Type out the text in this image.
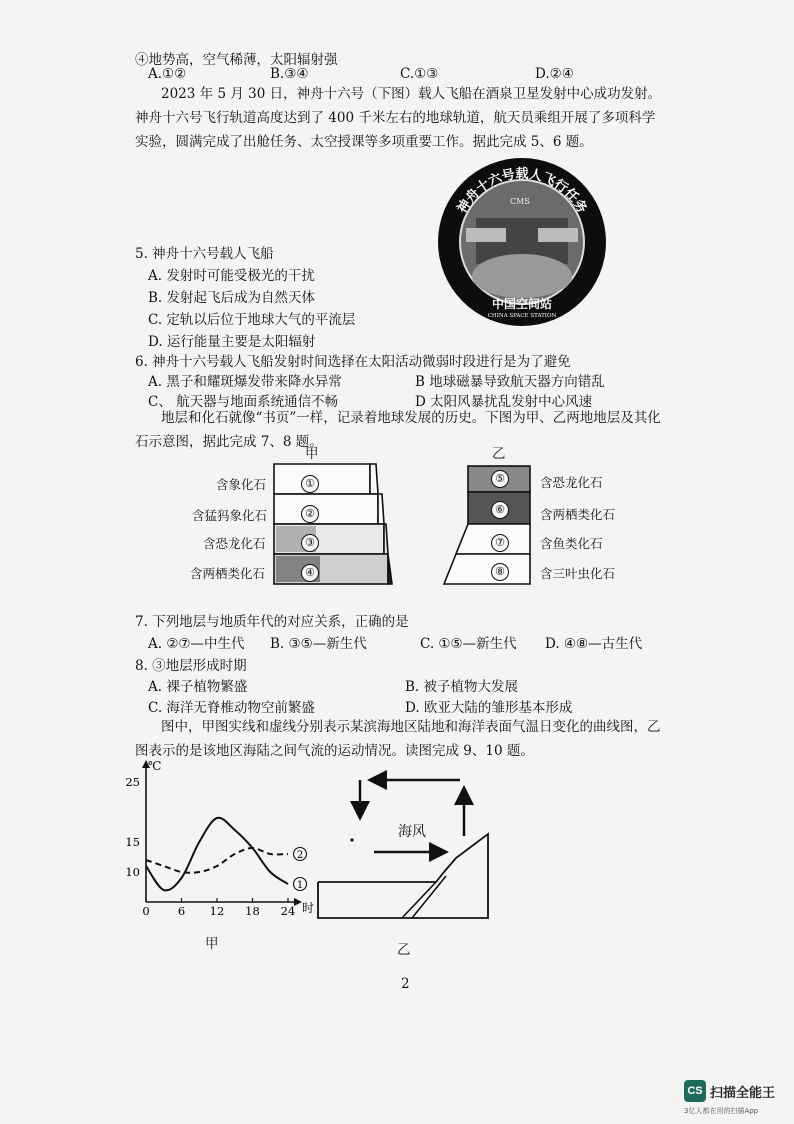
④地势高，空气稀薄，太阳辐射强
A.①②	B.③④	C.①③	D.②④
2023 年 5 月 30 日，神舟十六号（下图）载人飞船在酒泉卫星发射中心成功发射。神舟十六号飞行轨道高度达到了 400 千米左右的地球轨道，航天员乘组开展了多项科学实验，圆满完成了出舱任务、太空授课等多项重要工作。据此完成 5、6 题。
CMS
神舟十六号载人飞行任务
中国空间站
CHINA SPACE STATION
5. 神舟十六号载人飞船
A. 发射时可能受极光的干扰
B. 发射起飞后成为自然天体
C. 定轨以后位于地球大气的平流层
D. 运行能量主要是太阳辐射
6. 神舟十六号载人飞船发射时间选择在太阳活动微弱时段进行是为了避免
A. 黑子和耀斑爆发带来降水异常	B 地球磁暴导致航天器方向错乱
C、 航天器与地面系统通信不畅	D 太阳风暴扰乱发射中心风速
地层和化石就像“书页”一样，记录着地球发展的历史。下图为甲、乙两地地层及其化石示意图，据此完成 7、8 题。
甲
含象化石
含猛犸象化石
含恐龙化石
含两栖类化石
①
②
③
④
乙
⑤
⑥
⑦
⑧
含恐龙化石
含两栖类化石
含鱼类化石
含三叶虫化石
7. 下列地层与地质年代的对应关系，正确的是
A. ②⑦—中生代 B. ③⑤—新生代	C. ①⑤—新生代 D. ④⑧—古生代
8. ③地层形成时期
A. 裸子植物繁盛	B. 被子植物大发展
C. 海洋无脊椎动物空前繁盛	D. 欧亚大陆的雏形基本形成
图中，甲图实线和虚线分别表示某滨海地区陆地和海洋表面气温日变化的曲线图，乙图表示的是该地区海陆之间气流的运动情况。读图完成 9、10 题。
℃
时
10
15
25
0 6 12 18 24
1
2
甲
海风
乙
2
CS 扫描全能王
3亿人都在用的扫描App
